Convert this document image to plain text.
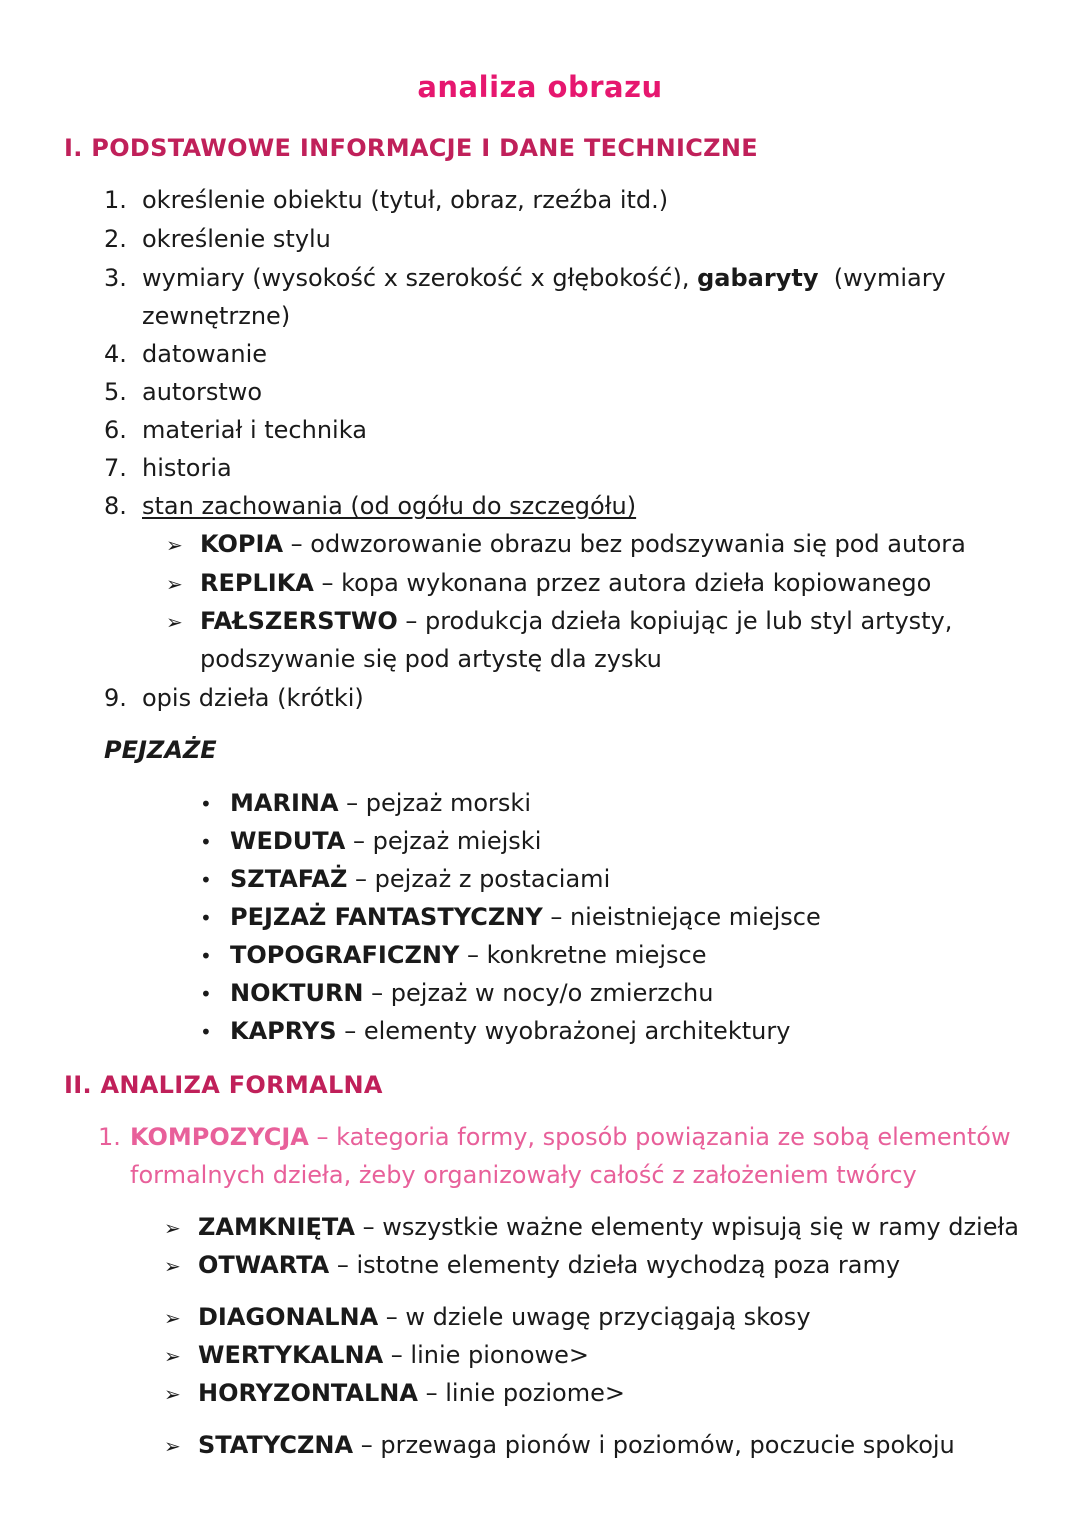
analiza obrazu
I. PODSTAWOWE INFORMACJE I DANE TECHNICZNE
1. określenie obiektu (tytuł, obraz, rzeźba itd.)
2. określenie stylu
3. wymiary (wysokość x szerokość x głębokość), gabaryty  (wymiary
zewnętrzne)
4. datowanie
5. autorstwo
6. materiał i technika
7. historia
8. stan zachowania (od ogółu do szczegółu)
➢ KOPIA – odwzorowanie obrazu bez podszywania się pod autora
➢ REPLIKA – kopa wykonana przez autora dzieła kopiowanego
➢ FAŁSZERSTWO – produkcja dzieła kopiując je lub styl artysty,
podszywanie się pod artystę dla zysku
9. opis dzieła (krótki)
PEJZAŻE
• MARINA – pejzaż morski
• WEDUTA – pejzaż miejski
• SZTAFAŻ – pejzaż z postaciami
• PEJZAŻ FANTASTYCZNY – nieistniejące miejsce
• TOPOGRAFICZNY – konkretne miejsce
• NOKTURN – pejzaż w nocy/o zmierzchu
• KAPRYS – elementy wyobrażonej architektury
II. ANALIZA FORMALNA
1. KOMPOZYCJA – kategoria formy, sposób powiązania ze sobą elementów
formalnych dzieła, żeby organizowały całość z założeniem twórcy
➢ ZAMKNIĘTA – wszystkie ważne elementy wpisują się w ramy dzieła
➢ OTWARTA – istotne elementy dzieła wychodzą poza ramy
➢ DIAGONALNA – w dziele uwagę przyciągają skosy
➢ WERTYKALNA – linie pionowe>
➢ HORYZONTALNA – linie poziome>
➢ STATYCZNA – przewaga pionów i poziomów, poczucie spokoju
